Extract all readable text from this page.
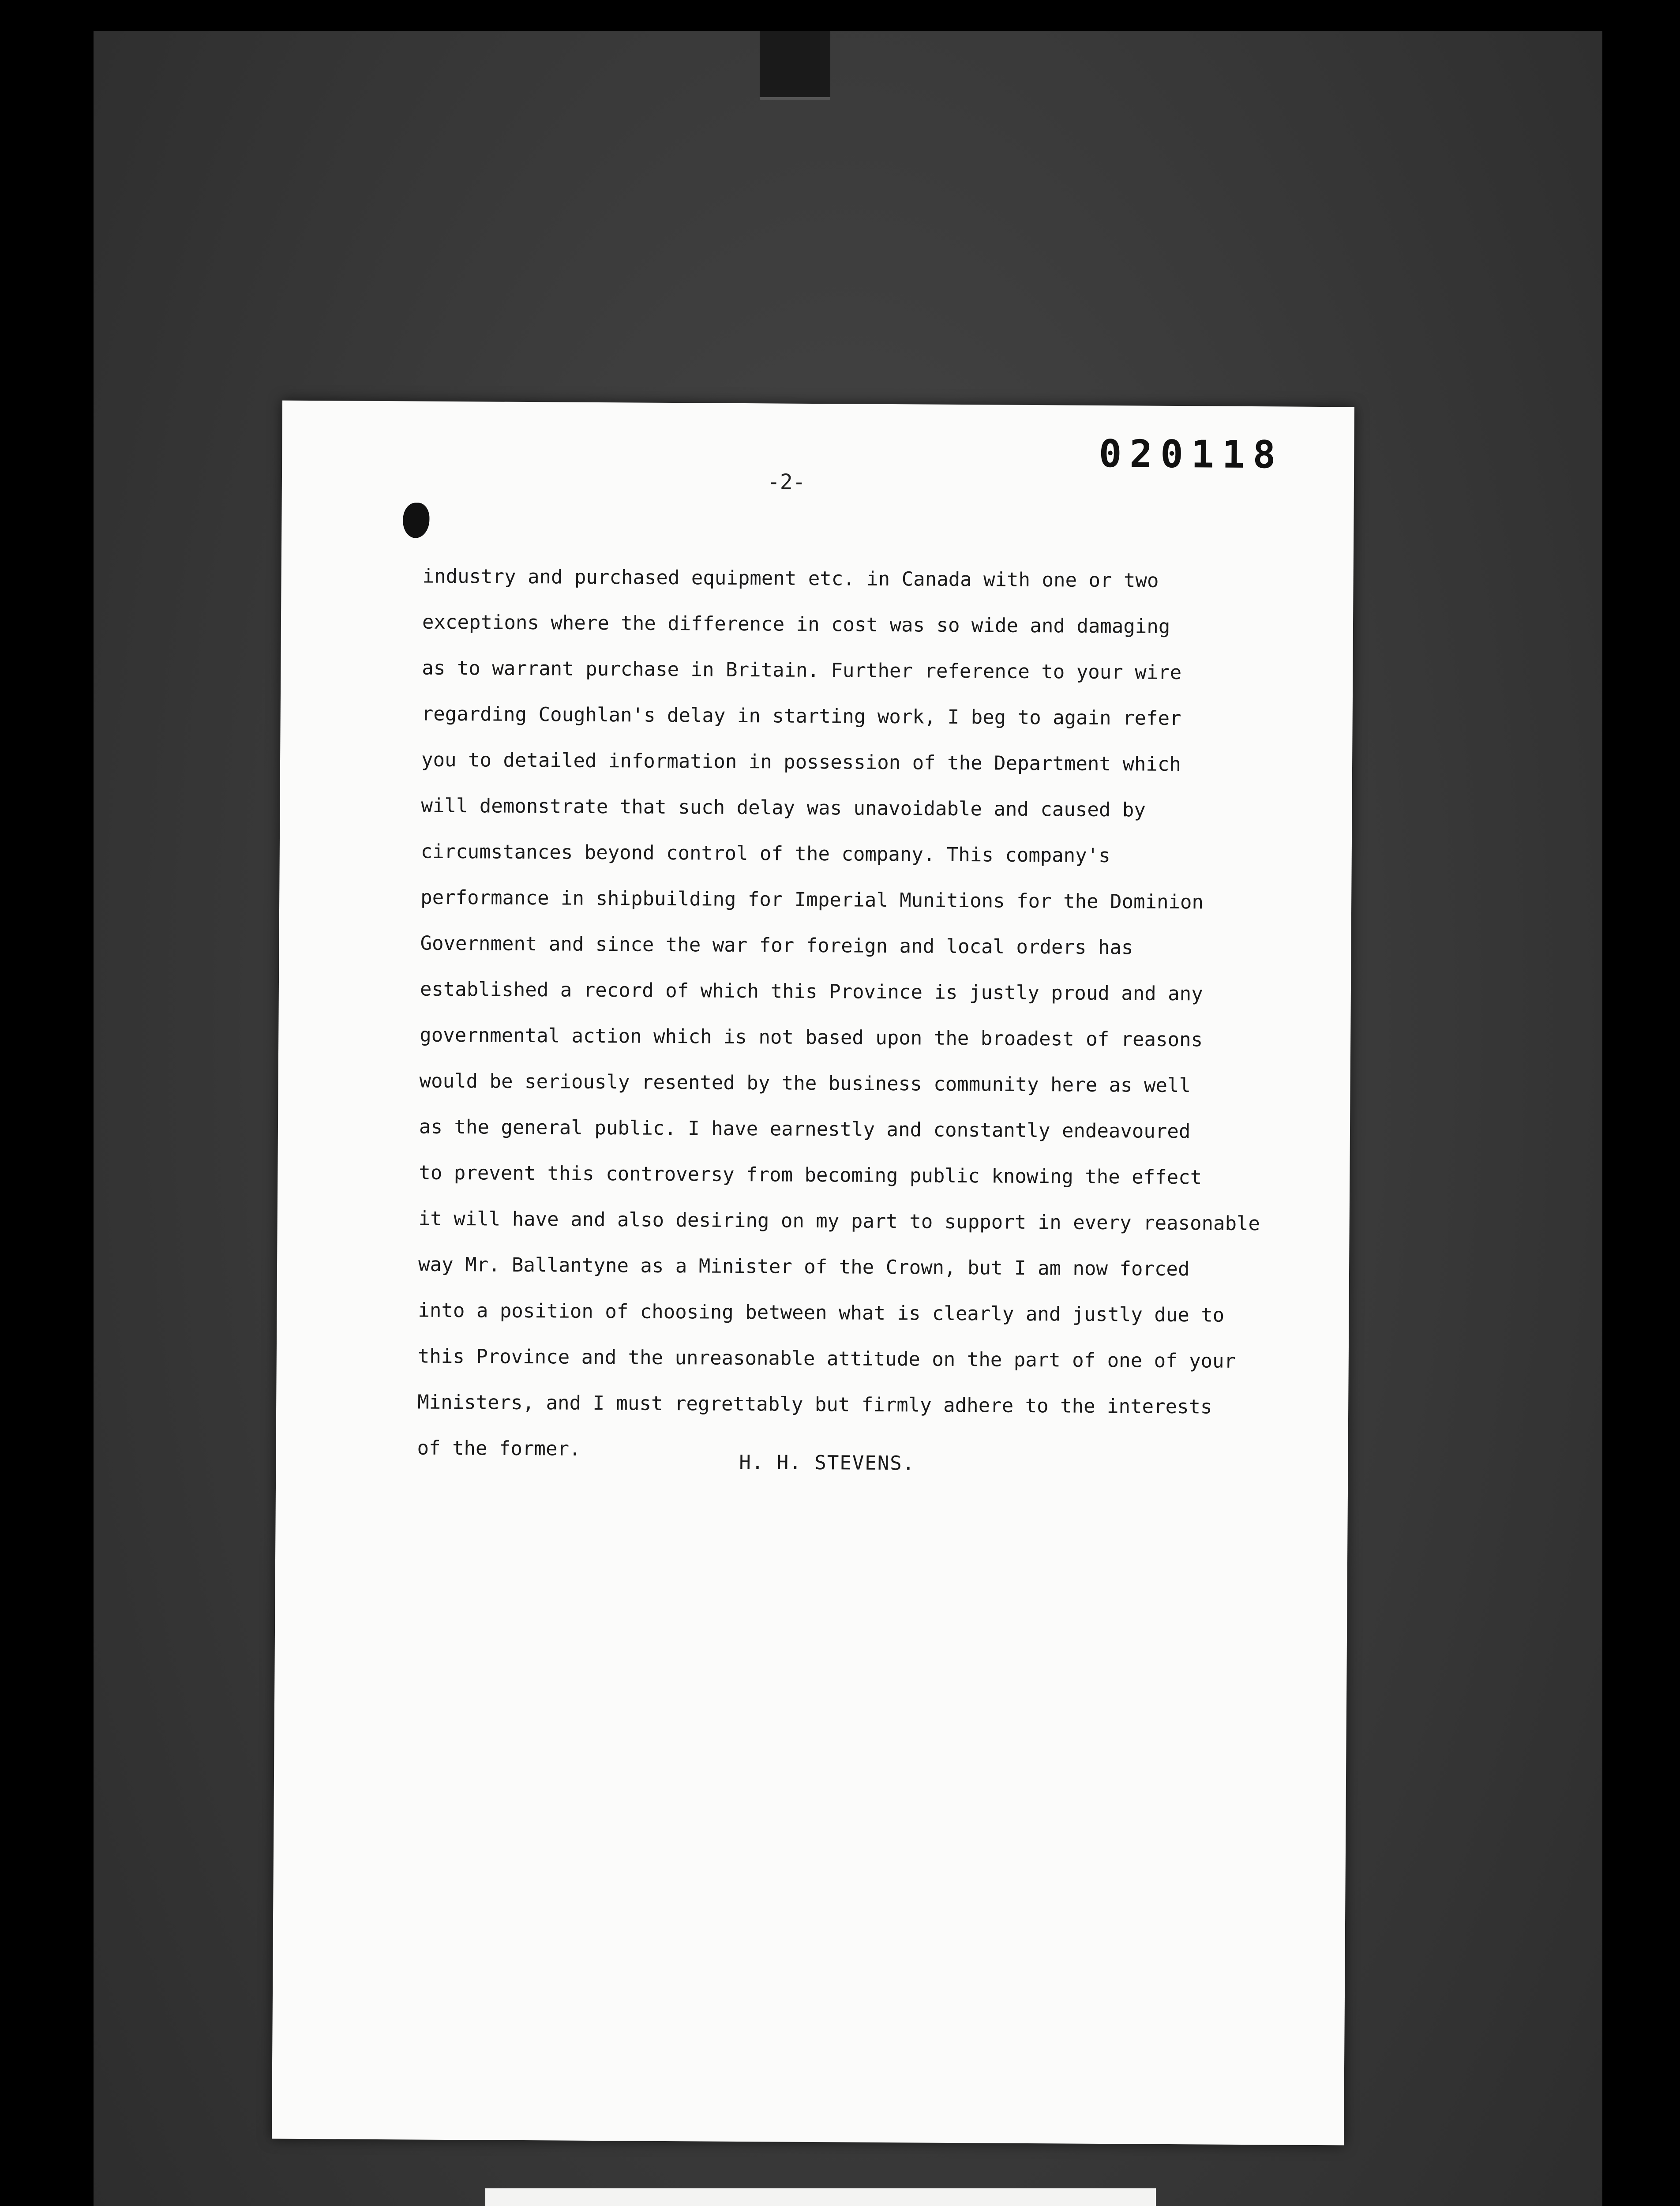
020118
-2-
industry and purchased equipment etc. in Canada with one or two
exceptions where the difference in cost was so wide and damaging
as to warrant purchase in Britain. Further reference to your wire
regarding Coughlan's delay in starting work, I beg to again refer
you to detailed information in possession of the Department which
will demonstrate that such delay was unavoidable and caused by
circumstances beyond control of the company. This company's
performance in shipbuilding for Imperial Munitions for the Dominion
Government and since the war for foreign and local orders has
established a record of which this Province is justly proud and any
governmental action which is not based upon the broadest of reasons
would be seriously resented by the business community here as well
as the general public. I have earnestly and constantly endeavoured
to prevent this controversy from becoming public knowing the effect
it will have and also desiring on my part to support in every reasonable
way Mr. Ballantyne as a Minister of the Crown, but I am now forced
into a position of choosing between what is clearly and justly due to
this Province and the unreasonable attitude on the part of one of your
Ministers, and I must regrettably but firmly adhere to the interests
of the former.
H. H. STEVENS.
